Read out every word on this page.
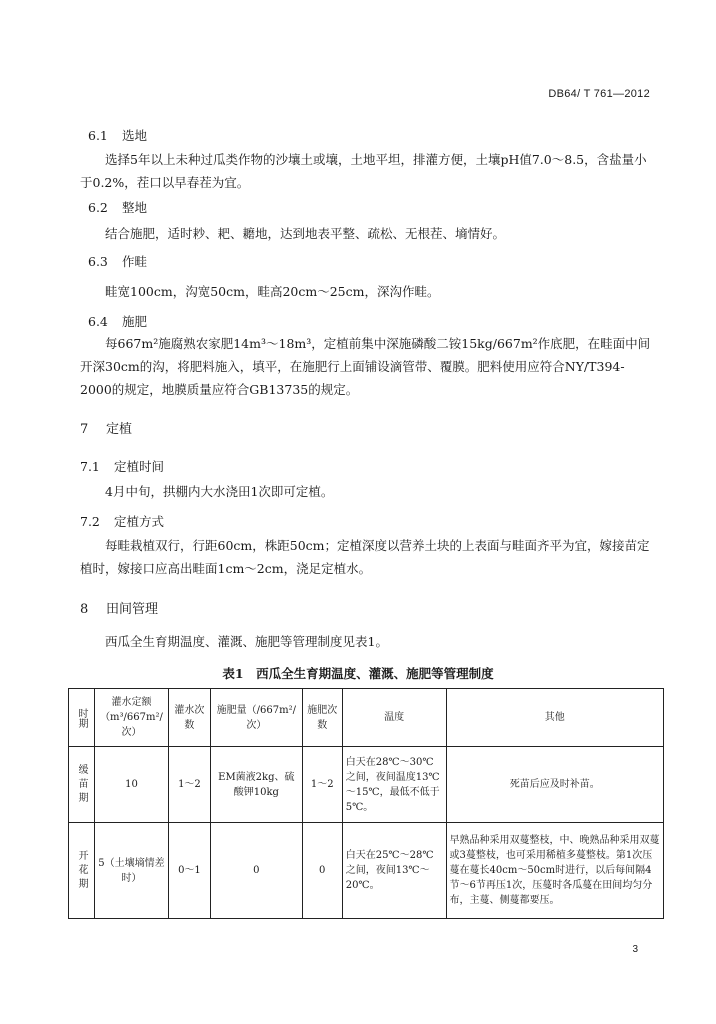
DB64/ T 761—2012
6.1 选地
选择5年以上未种过瓜类作物的沙壤土或壤，土地平坦，排灌方便，土壤pH值7.0～8.5，含盐量小于0.2%，茬口以早春茬为宜。
6.2 整地
结合施肥，适时耖、耙、耱地，达到地表平整、疏松、无根茬、墒情好。
6.3 作畦
畦宽100cm，沟宽50cm，畦高20cm～25cm，深沟作畦。
6.4 施肥
每667m²施腐熟农家肥14m³～18m³，定植前集中深施磷酸二铵15kg/667m²作底肥，在畦面中间开深30cm的沟，将肥料施入，填平，在施肥行上面铺设滴管带、覆膜。肥料使用应符合NY/T394-2000的规定，地膜质量应符合GB13735的规定。
7 定植
7.1 定植时间
4月中旬，拱棚内大水浇田1次即可定植。
7.2 定植方式
每畦栽植双行，行距60cm，株距50cm；定植深度以营养土块的上表面与畦面齐平为宜，嫁接苗定植时，嫁接口应高出畦面1cm～2cm，浇足定植水。
8 田间管理
西瓜全生育期温度、灌溉、施肥等管理制度见表1。
表1　西瓜全生育期温度、灌溉、施肥等管理制度
时期	灌水定额（m³/667m²/次）	灌水次数	施肥量（/667m²/次）	施肥次数	温度	其他
缓苗期	10	1～2	EM菌液2kg、硫酸钾10kg	1～2	白天在28℃～30℃之间，夜间温度13℃～15℃，最低不低于5℃。	死苗后应及时补苗。
开花期	5（土壤墒情差时）	0～1	0	0	白天在25℃～28℃之间，夜间13℃～20℃。	早熟品种采用双蔓整枝，中、晚熟品种采用双蔓或3蔓整枝，也可采用稀植多蔓整枝。第1次压蔓在蔓长40cm～50cm时进行，以后每间隔4节～6节再压1次，压蔓时各瓜蔓在田间均匀分布，主蔓、侧蔓都要压。
3
